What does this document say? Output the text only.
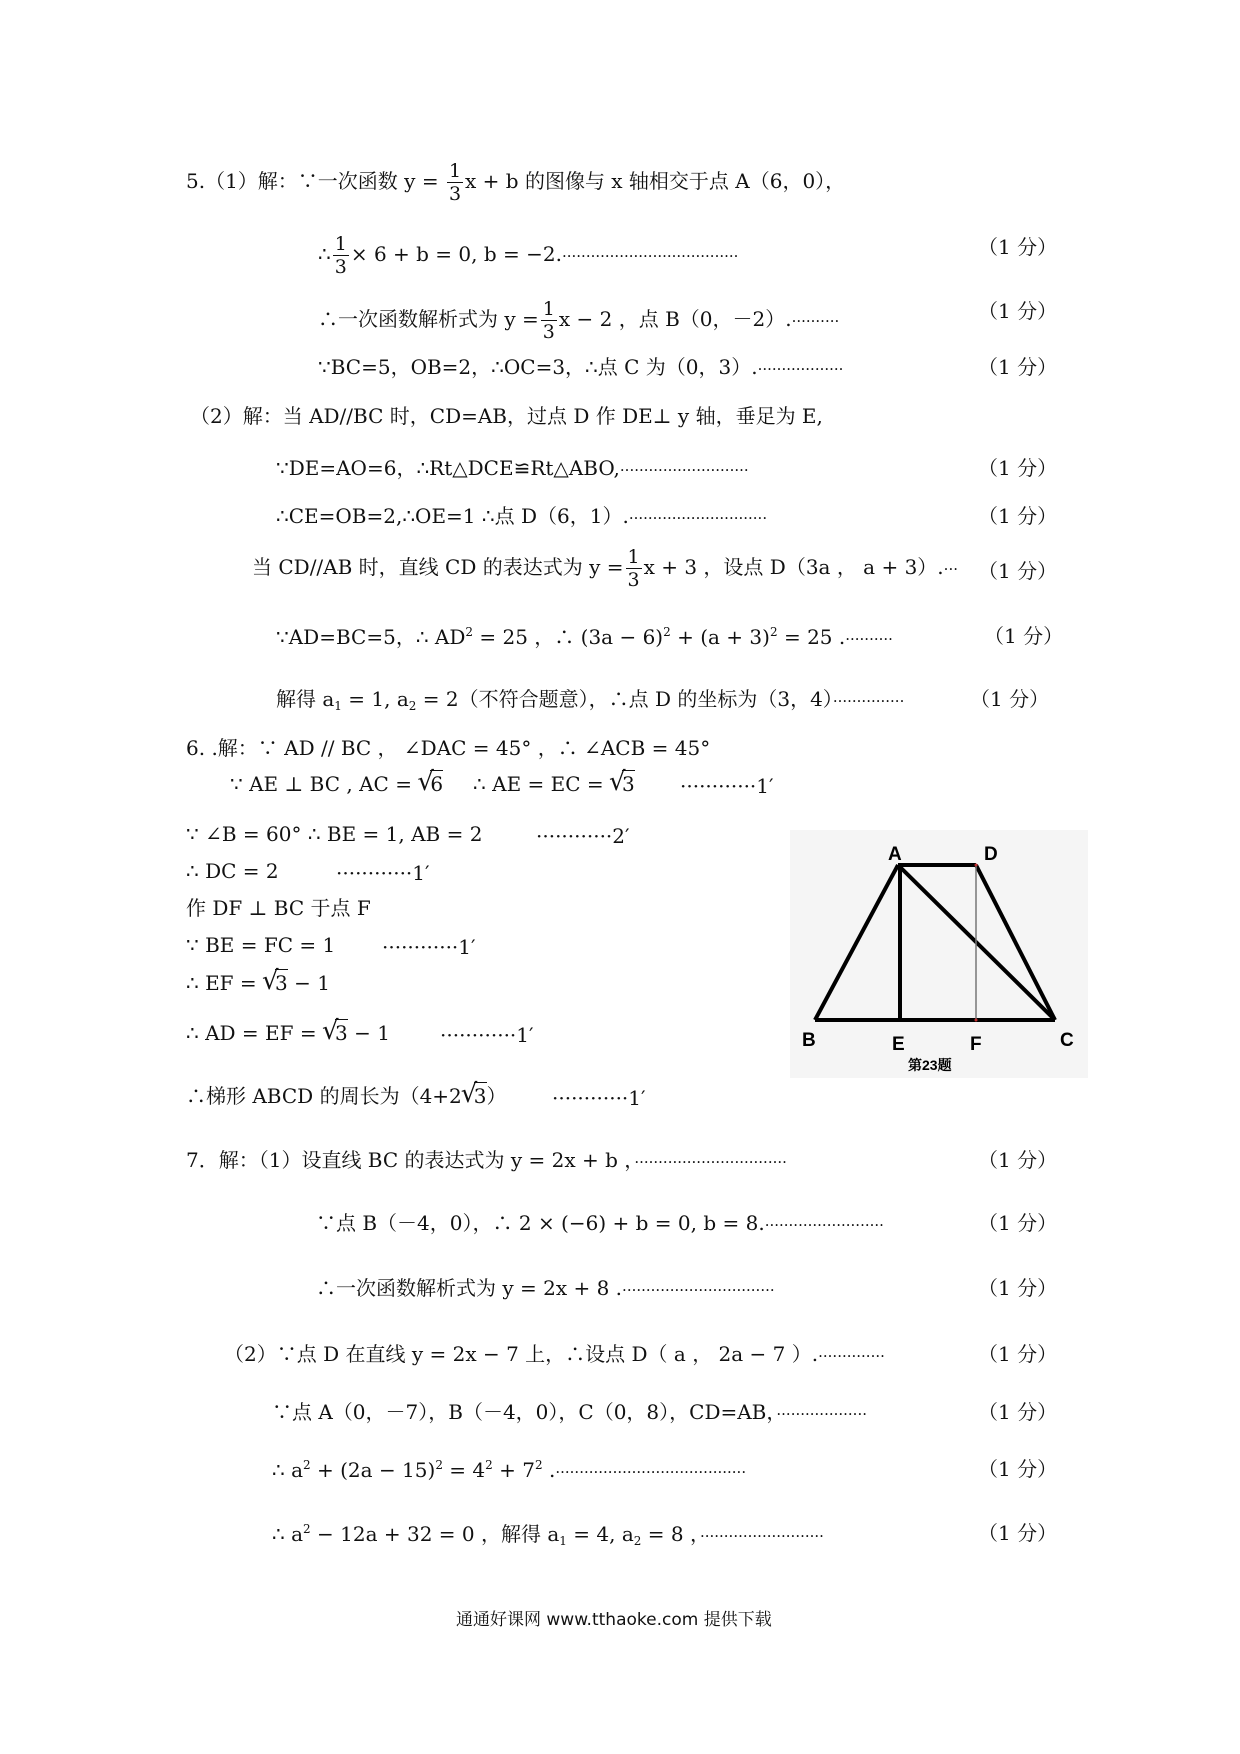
5.（1）解：∵一次函数 $y = \frac{1}{3}$ x + b 的图像与 x 轴相交于点 A（6，0），
∴ $\frac{1}{3} \times 6 + b = 0$, b = −2.·····································	（1 分）
∴一次函数解析式为 $y = \frac{1}{3}$ x − 2 ，点 B（0，－2）.··········	（1 分）
∵BC=5，OB=2，∴OC=3，∴点 C 为（0，3）.··················	（1 分）
（2）解：当 AD//BC 时，CD=AB，过点 D 作 DE⊥ y 轴，垂足为 E,
∵DE=AO=6，∴Rt△DCE≌Rt△ABO,···························	（1 分）
∴CE=OB=2,∴OE=1 ∴点 D（6，1）.·····························	（1 分）
当 CD//AB 时，直线 CD 的表达式为 $y = \frac{1}{3}$ x + 3 ，设点 D（3a ， a + 3）.··· （1 分）
∵AD=BC=5，∴ $AD^2 = 25$ ，∴ $(3a - 6)^2 + (a + 3)^2 = 25$ .··········	（1 分）
解得 $a_1 = 1$, $a_2 = 2$（不符合题意），∴点 D 的坐标为（3，4）···············	（1 分）
6. .解：∵ AD // BC ， ∠DAC = 45° ，∴ ∠ACB = 45°
∵ AE ⊥ BC , AC = √ 6 ∴ AE = EC = √ 3 ············1′
∵ ∠B = 60° ∴ BE = 1, AB = 2	············2′
∴ DC = 2	············1′
作 DF ⊥ BC 于点 F
∵ BE = FC = 1 ············1′
∴ EF = √ 3 − 1
∴ AD = EF = √ 3 − 1	············1′
∴梯形 ABCD 的周长为（4+2√ 3） ············1′
A	D
B	E	F	C
第23题
7．解：（1）设直线 BC 的表达式为 y = 2x + b ，································	（1 分）
∵点 B（－4，0），∴ 2 × (−6) + b = 0, b = 8.·························	（1 分）
∴一次函数解析式为 y = 2x + 8 .································	（1 分）
（2）∵点 D 在直线 y = 2x − 7 上，∴设点 D（ a ， 2a − 7 ）.··············	（1 分）
∵点 A（0，－7），B（－4，0），C（0，8），CD=AB，···················	（1 分）
∴ $a^2 + (2a - 15)^2 = 4^2 + 7^2$ .········································	（1 分）
∴ $a^2 - 12a + 32 = 0$ ，解得 $a_1 = 4$, $a_2 = 8$ ，··························	（1 分）
通通好课网 www.tthaoke.com 提供下载
